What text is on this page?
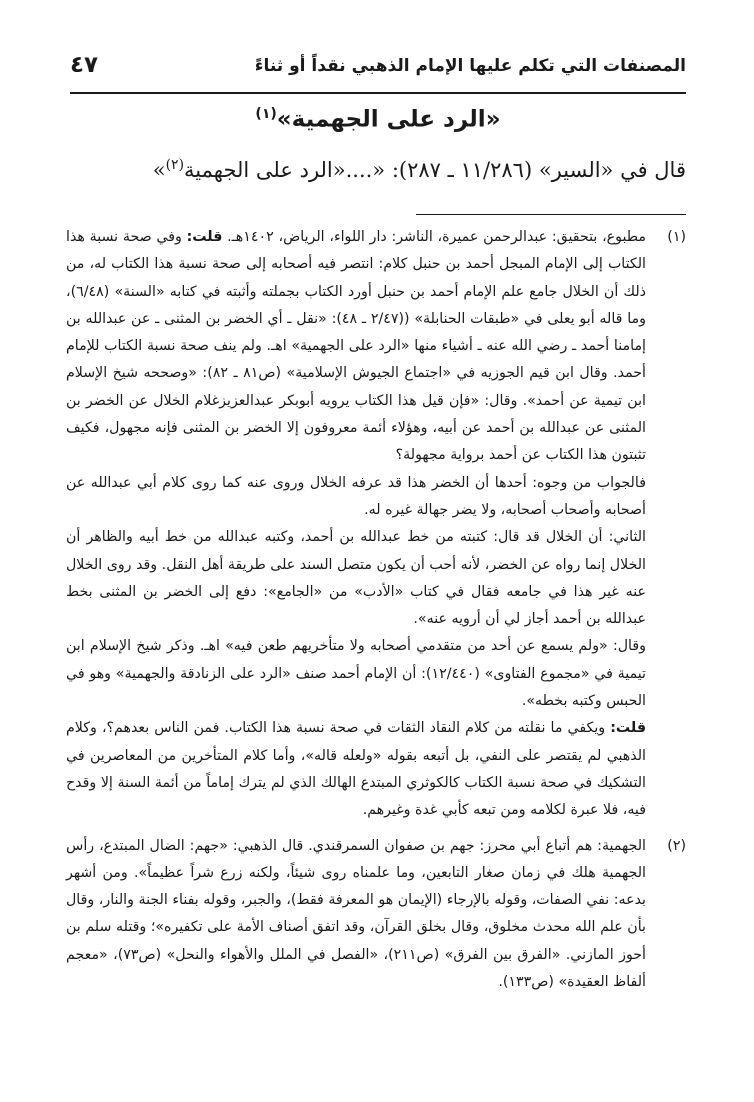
المصنفات التي تكلم عليها الإمام الذهبي نقداً أو ثناءً
٤٧
«الرد على الجهمية»$^{(١)}$
قال في «السير» (١١/٢٨٦ ـ ٢٨٧): «....«الرد على الجهمية$^{(٢)}$»
(١)

مطبوع، بتحقيق: عبدالرحمن عميرة، الناشر: دار اللواء، الرياض، ١٤٠٢هـ. قلت: وفي صحة نسبة هذا الكتاب إلى الإمام المبجل أحمد بن حنبل كلام: انتصر فيه أصحابه إلى صحة نسبة هذا الكتاب له، من ذلك أن الخلال جامع علم الإمام أحمد بن حنبل أورد الكتاب بجملته وأثبته في كتابه «السنة» (٦/٤٨)، وما قاله أبو يعلى في «طبقات الحنابلة» ((٢/٤٧ ـ ٤٨): «نقل ـ أي الخضر بن المثنى ـ عن عبدالله بن إمامنا أحمد ـ رضي الله عنه ـ أشياء منها «الرد على الجهمية» اهـ. ولم ينف صحة نسبة الكتاب للإمام أحمد. وقال ابن قيم الجوزيه في «اجتماع الجيوش الإسلامية» (ص٨١ ـ ٨٢): «وصححه شيخ الإسلام ابن تيمية عن أحمد». وقال: «فإن قيل هذا الكتاب يرويه أبوبكر عبدالعزيزغلام الخلال عن الخضر بن المثنى عن عبدالله بن أحمد عن أبيه، وهؤلاء أئمة معروفون إلا الخضر بن المثنى فإنه مجهول، فكيف تثبتون هذا الكتاب عن أحمد برواية مجهولة؟

فالجواب من وجوه: أحدها أن الخضر هذا قد عرفه الخلال وروى عنه كما روى كلام أبي عبدالله عن أصحابه وأصحاب أصحابه، ولا يضر جهالة غيره له.

الثاني: أن الخلال قد قال: كتبته من خط عبدالله بن أحمد، وكتبه عبدالله من خط أبيه والظاهر أن الخلال إنما رواه عن الخضر، لأنه أحب أن يكون متصل السند على طريقة أهل النقل. وقد روى الخلال عنه غير هذا في جامعه فقال في كتاب «الأدب» من «الجامع»: دفع إلى الخضر بن المثنى بخط عبدالله بن أحمد أجاز لي أن أرويه عنه».

وقال: «ولم يسمع عن أحد من متقدمي أصحابه ولا متأخريهم طعن فيه» اهـ. وذكر شيخ الإسلام ابن تيمية في «مجموع الفتاوى» (١٢/٤٤٠): أن الإمام أحمد صنف «الرد على الزنادقة والجهمية» وهو في الحبس وكتبه بخطه».

قلت: ويكفي ما نقلته من كلام النقاد الثقات في صحة نسبة هذا الكتاب. فمن الناس بعدهم؟، وكلام الذهبي لم يقتصر على النفي، بل أتبعه بقوله «ولعله قاله»، وأما كلام المتأخرين من المعاصرين في التشكيك في صحة نسبة الكتاب كالكوثري المبتدع الهالك الذي لم يترك إماماً من أئمة السنة إلا وقدح فيه، فلا عبرة لكلامه ومن تبعه كأبي غدة وغيرهم.

(٢)

الجهمية: هم أتباع أبي محرز: جهم بن صفوان السمرقندي. قال الذهبي: «جهم: الضال المبتدع، رأس الجهمية هلك في زمان صغار التابعين، وما علمناه روى شيئاً، ولكنه زرع شراً عظيماً». ومن أشهر بدعه: نفي الصفات، وقوله بالإرجاء (الإيمان هو المعرفة فقط)، والجبر، وقوله بفناء الجنة والنار، وقال بأن علم الله محدث مخلوق، وقال بخلق القرآن، وقد اتفق أصناف الأمة على تكفيره»؛ وقتله سلم بن أحوز المازني. «الفرق بين الفرق» (ص٢١١)، «الفصل في الملل والأهواء والنحل» (ص٧٣)، «معجم ألفاظ العقيدة» (ص١٣٣).
